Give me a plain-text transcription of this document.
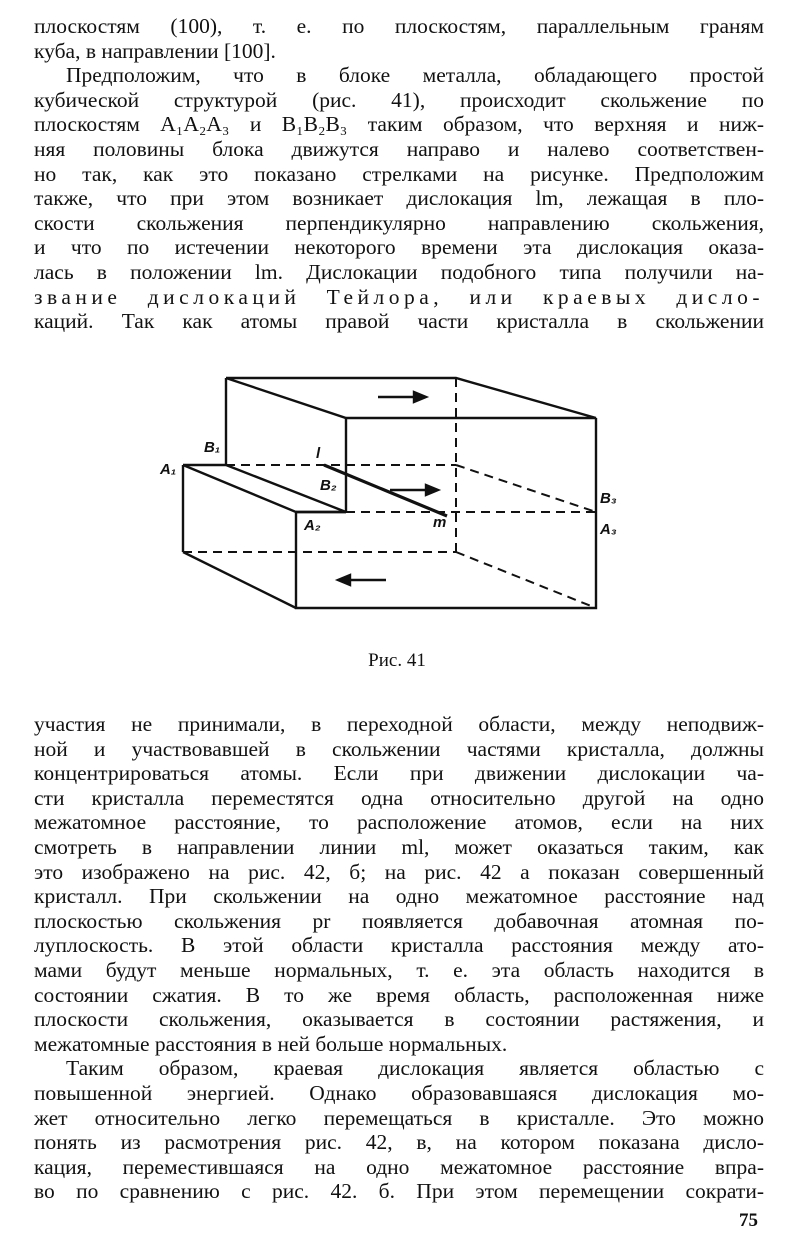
плоскостям (100), т. е. по плоскостям, параллельным граням
куба, в направлении [100].
Предположим, что в блоке металла, обладающего простой
кубической структурой (рис. 41), происходит скольжение по
плоскостям A₁A₂A₃ и B₁B₂B₃ таким образом, что верхняя и ниж-
няя половины блока движутся направо и налево соответствен-
но так, как это показано стрелками на рисунке. Предположим
также, что при этом возникает дислокация lm, лежащая в пло-
скости скольжения перпендикулярно направлению скольжения,
и что по истечении некоторого времени эта дислокация оказа-
лась в положении lm. Дислокации подобного типа получили на-
звание дислокаций Тейлора, или краевых дисло-
каций. Так как атомы правой части кристалла в скольжении
B₁	l
A₁
B₂
B₃
A₂	m	A₃
Рис. 41
участия не принимали, в переходной области, между неподвиж-
ной и участвовавшей в скольжении частями кристалла, должны
концентрироваться атомы. Если при движении дислокации ча-
сти кристалла переместятся одна относительно другой на одно
межатомное расстояние, то расположение атомов, если на них
смотреть в направлении линии ml, может оказаться таким, как
это изображено на рис. 42, б; на рис. 42 а показан совершенный
кристалл. При скольжении на одно межатомное расстояние над
плоскостью скольжения pr появляется добавочная атомная по-
луплоскость. В этой области кристалла расстояния между ато-
мами будут меньше нормальных, т. е. эта область находится в
состоянии сжатия. В то же время область, расположенная ниже
плоскости скольжения, оказывается в состоянии растяжения, и
межатомные расстояния в ней больше нормальных.
Таким образом, краевая дислокация является областью с
повышенной энергией. Однако образовавшаяся дислокация мо-
жет относительно легко перемещаться в кристалле. Это можно
понять из расмотрения рис. 42, в, на котором показана дисло-
кация, переместившаяся на одно межатомное расстояние впра-
во по сравнению с рис. 42. б. При этом перемещении сократи-
75
